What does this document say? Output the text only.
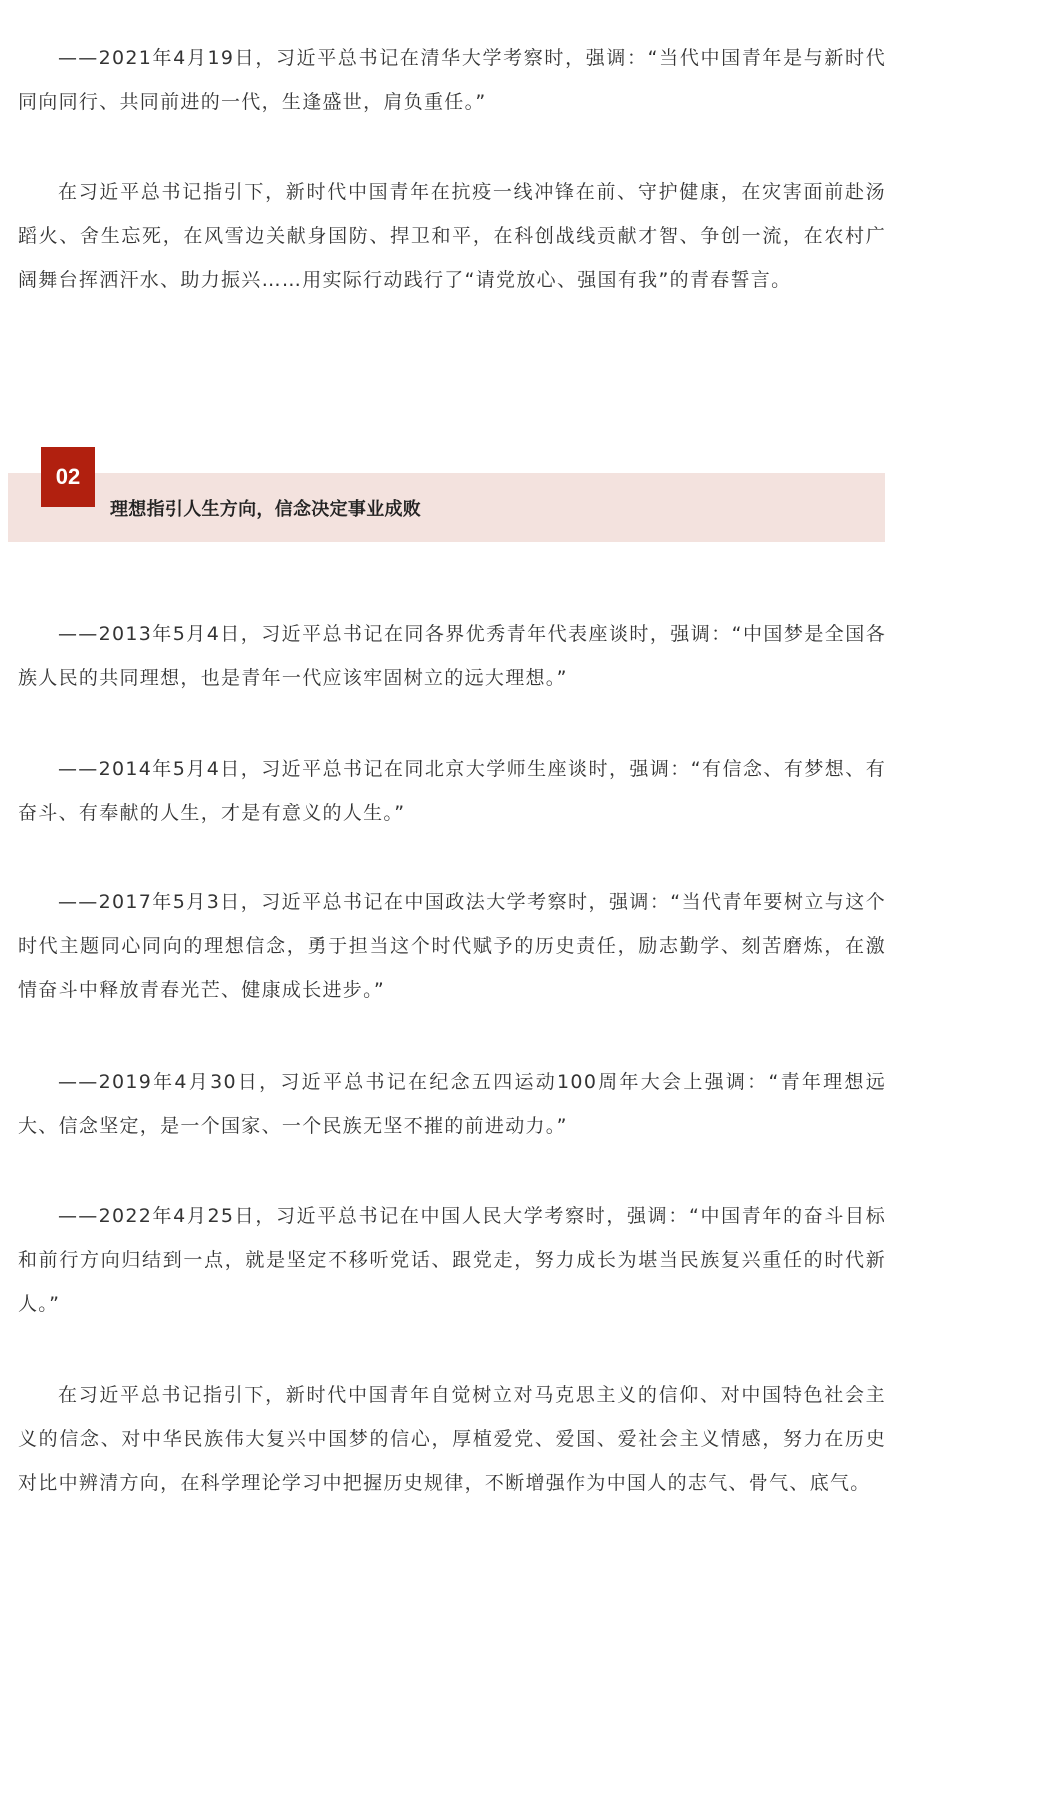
——2021年4月19日，习近平总书记在清华大学考察时，强调：“当代中国青年是与新时代同向同行、共同前进的一代，生逢盛世，肩负重任。”

在习近平总书记指引下，新时代中国青年在抗疫一线冲锋在前、守护健康，在灾害面前赴汤蹈火、舍生忘死，在风雪边关献身国防、捍卫和平，在科创战线贡献才智、争创一流，在农村广阔舞台挥洒汗水、助力振兴……用实际行动践行了“请党放心、强国有我”的青春誓言。

02
理想指引人生方向，信念决定事业成败

——2013年5月4日，习近平总书记在同各界优秀青年代表座谈时，强调：“中国梦是全国各族人民的共同理想，也是青年一代应该牢固树立的远大理想。”

——2014年5月4日，习近平总书记在同北京大学师生座谈时，强调：“有信念、有梦想、有奋斗、有奉献的人生，才是有意义的人生。”

——2017年5月3日，习近平总书记在中国政法大学考察时，强调：“当代青年要树立与这个时代主题同心同向的理想信念，勇于担当这个时代赋予的历史责任，励志勤学、刻苦磨炼，在激情奋斗中释放青春光芒、健康成长进步。”

——2019年4月30日，习近平总书记在纪念五四运动100周年大会上强调：“青年理想远大、信念坚定，是一个国家、一个民族无坚不摧的前进动力。”

——2022年4月25日，习近平总书记在中国人民大学考察时，强调：“中国青年的奋斗目标和前行方向归结到一点，就是坚定不移听党话、跟党走，努力成长为堪当民族复兴重任的时代新人。”

在习近平总书记指引下，新时代中国青年自觉树立对马克思主义的信仰、对中国特色社会主义的信念、对中华民族伟大复兴中国梦的信心，厚植爱党、爱国、爱社会主义情感，努力在历史对比中辨清方向，在科学理论学习中把握历史规律，不断增强作为中国人的志气、骨气、底气。
